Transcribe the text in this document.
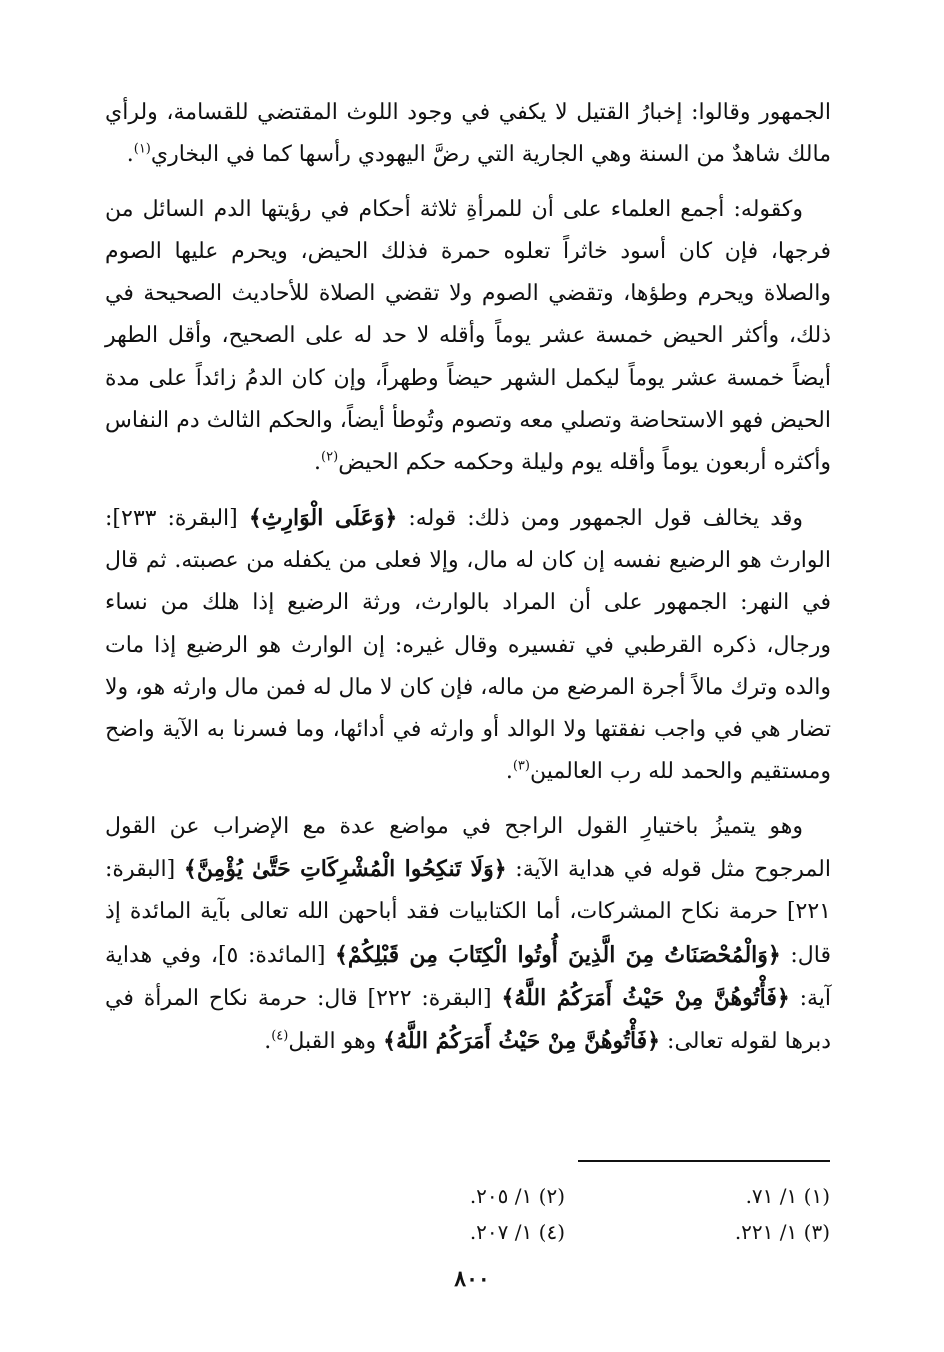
الجمهور وقالوا: إخبارُ القتيل لا يكفي في وجود اللوث المقتضي للقسامة، ولرأي مالك شاهدٌ من السنة وهي الجارية التي رضَّ اليهودي رأسها كما في البخاري$^{(١)}$.

وكقوله: أجمع العلماء على أن للمرأةِ ثلاثة أحكام في رؤيتها الدم السائل من فرجها، فإن كان أسود خاثراً تعلوه حمرة فذلك الحيض، ويحرم عليها الصوم والصلاة ويحرم وطؤها، وتقضي الصوم ولا تقضي الصلاة للأحاديث الصحيحة في ذلك، وأكثر الحيض خمسة عشر يوماً وأقله لا حد له على الصحيح، وأقل الطهر أيضاً خمسة عشر يوماً ليكمل الشهر حيضاً وطهراً، وإن كان الدمُ زائداً على مدة الحيض فهو الاستحاضة وتصلي معه وتصوم وتُوطأ أيضاً، والحكم الثالث دم النفاس وأكثره أربعون يوماً وأقله يوم وليلة وحكمه حكم الحيض$^{(٢)}$.

وقد يخالف قول الجمهور ومن ذلك: قوله: ﴿وَعَلَى الْوَارِثِ﴾ [البقرة: ٢٣٣]: الوارث هو الرضيع نفسه إن كان له مال، وإلا فعلى من يكفله من عصبته. ثم قال في النهر: الجمهور على أن المراد بالوارث، ورثة الرضيع إذا هلك من نساء ورجال، ذكره القرطبي في تفسيره وقال غيره: إن الوارث هو الرضيع إذا مات والده وترك مالاً أجرة المرضع من ماله، فإن كان لا مال له فمن مال وارثه هو، ولا تضار هي في واجب نفقتها ولا الوالد أو وارثه في أدائها، وما فسرنا به الآية واضح ومستقيم والحمد لله رب العالمين$^{(٣)}$.

وهو يتميزُ باختيارِ القول الراجح في مواضع عدة مع الإضراب عن القول المرجوح مثل قوله في هداية الآية: ﴿وَلَا تَنكِحُوا الْمُشْرِكَاتِ حَتَّىٰ يُؤْمِنَّ﴾ [البقرة: ٢٢١] حرمة نكاح المشركات، أما الكتابيات فقد أباحهن الله تعالى بآية المائدة إذ قال: ﴿وَالْمُحْصَنَاتُ مِنَ الَّذِينَ أُوتُوا الْكِتَابَ مِن قَبْلِكُمْ﴾ [المائدة: ٥]، وفي هداية آية: ﴿فَأْتُوهُنَّ مِنْ حَيْثُ أَمَرَكُمُ اللَّهُ﴾ [البقرة: ٢٢٢] قال: حرمة نكاح المرأة في دبرها لقوله تعالى: ﴿فَأْتُوهُنَّ مِنْ حَيْثُ أَمَرَكُمُ اللَّهُ﴾ وهو القبل$^{(٤)}$.

(١) ١/ ٧١.
(٢) ١/ ٢٠٥.
(٣) ١/ ٢٢١.
(٤) ١/ ٢٠٧.
٨٠٠
